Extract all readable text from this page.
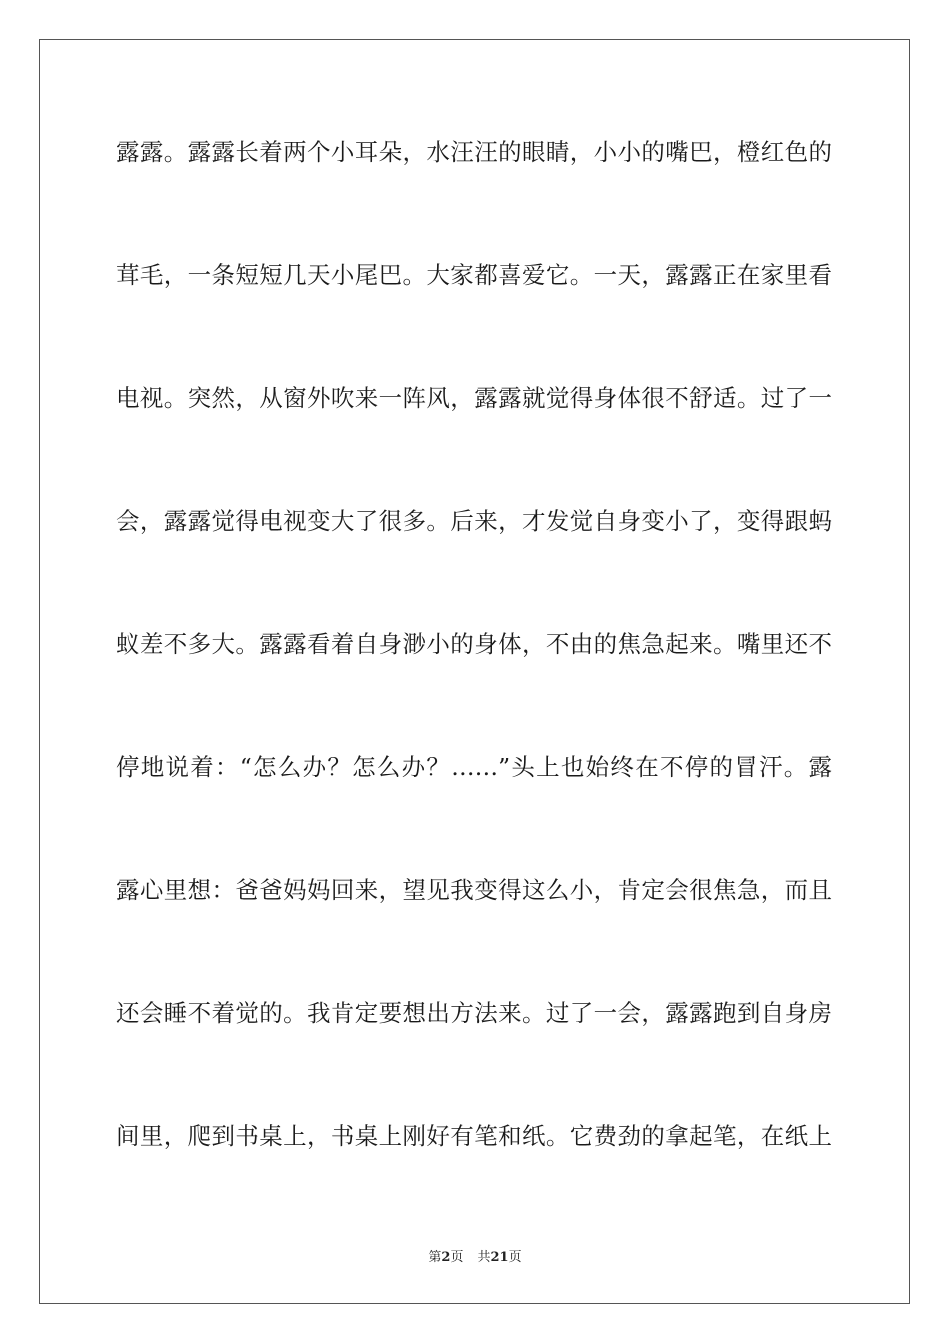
露露。露露长着两个小耳朵，水汪汪的眼睛，小小的嘴巴，橙红色的
茸毛，一条短短几天小尾巴。大家都喜爱它。一天，露露正在家里看
电视。突然，从窗外吹来一阵风，露露就觉得身体很不舒适。过了一
会，露露觉得电视变大了很多。后来，才发觉自身变小了，变得跟蚂
蚁差不多大。露露看着自身渺小的身体，不由的焦急起来。嘴里还不
停地说着：“怎么办？怎么办？……”头上也始终在不停的冒汗。露
露心里想：爸爸妈妈回来，望见我变得这么小，肯定会很焦急，而且
还会睡不着觉的。我肯定要想出方法来。过了一会，露露跑到自身房
间里，爬到书桌上，书桌上刚好有笔和纸。它费劲的拿起笔，在纸上
第2页 共21页
